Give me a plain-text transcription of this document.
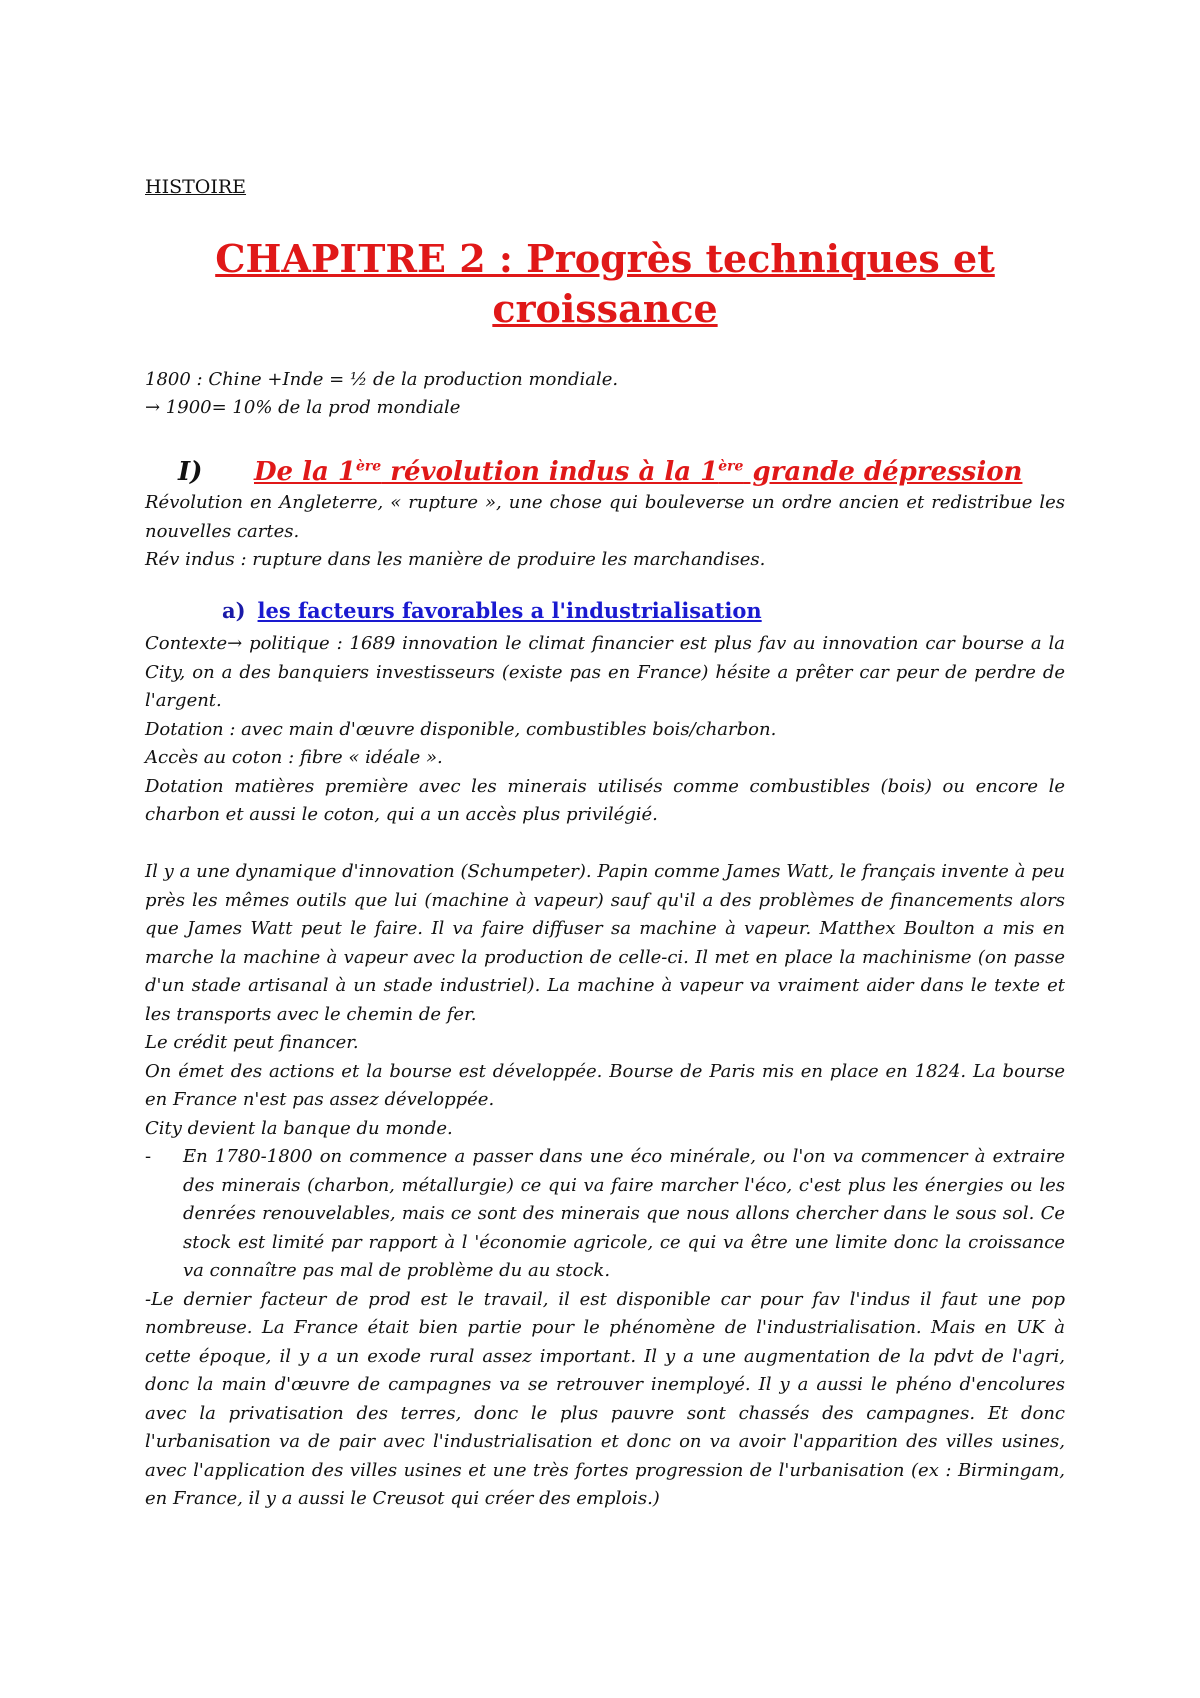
HISTOIRE

CHAPITRE 2 : Progrès techniques et
croissance

1800 : Chine +Inde = ½ de la production mondiale.

→ 1900= 10% de la prod mondiale

I) De la 1ère révolution indus à la 1ère grande dépression

Révolution en Angleterre, « rupture », une chose qui bouleverse un ordre ancien et redistribue les nouvelles cartes.

Rév indus : rupture dans les manière de produire les marchandises.

a) les facteurs favorables a l'industrialisation

Contexte→ politique : 1689 innovation le climat financier est plus fav au innovation car bourse a la City, on a des banquiers investisseurs (existe pas en France) hésite a prêter car peur de perdre de l'argent.

Dotation : avec main d'œuvre disponible, combustibles bois/charbon.

Accès au coton : fibre « idéale ».

Dotation matières première avec les minerais utilisés comme combustibles (bois) ou encore le charbon et aussi le coton, qui a un accès plus privilégié.

Il y a une dynamique d'innovation (Schumpeter). Papin comme James Watt, le français invente à peu près les mêmes outils que lui (machine à vapeur) sauf qu'il a des problèmes de financements alors que James Watt peut le faire. Il va faire diffuser sa machine à vapeur. Matthex Boulton a mis en marche la machine à vapeur avec la production de celle-ci. Il met en place la machinisme (on passe d'un stade artisanal à un stade industriel). La machine à vapeur va vraiment aider dans le texte et les transports avec le chemin de fer.

Le crédit peut financer.

On émet des actions et la bourse est développée. Bourse de Paris mis en place en 1824. La bourse en France n'est pas assez développée.

City devient la banque du monde.

- En 1780-1800 on commence a passer dans une éco minérale, ou l'on va commencer à extraire des minerais (charbon, métallurgie) ce qui va faire marcher l'éco, c'est plus les énergies ou les denrées renouvelables, mais ce sont des minerais que nous allons chercher dans le sous sol. Ce stock est limité par rapport à l 'économie agricole, ce qui va être une limite donc la croissance va connaître pas mal de problème du au stock.

-Le dernier facteur de prod est le travail, il est disponible car pour fav l'indus il faut une pop nombreuse. La France était bien partie pour le phénomène de l'industrialisation. Mais en UK à cette époque, il y a un exode rural assez important. Il y a une augmentation de la pdvt de l'agri, donc la main d'œuvre de campagnes va se retrouver inemployé. Il y a aussi le phéno d'encolures avec la privatisation des terres, donc le plus pauvre sont chassés des campagnes. Et donc l'urbanisation va de pair avec l'industrialisation et donc on va avoir l'apparition des villes usines, avec l'application des villes usines et une très fortes progression de l'urbanisation (ex : Birmingam, en France, il y a aussi le Creusot qui créer des emplois.)
